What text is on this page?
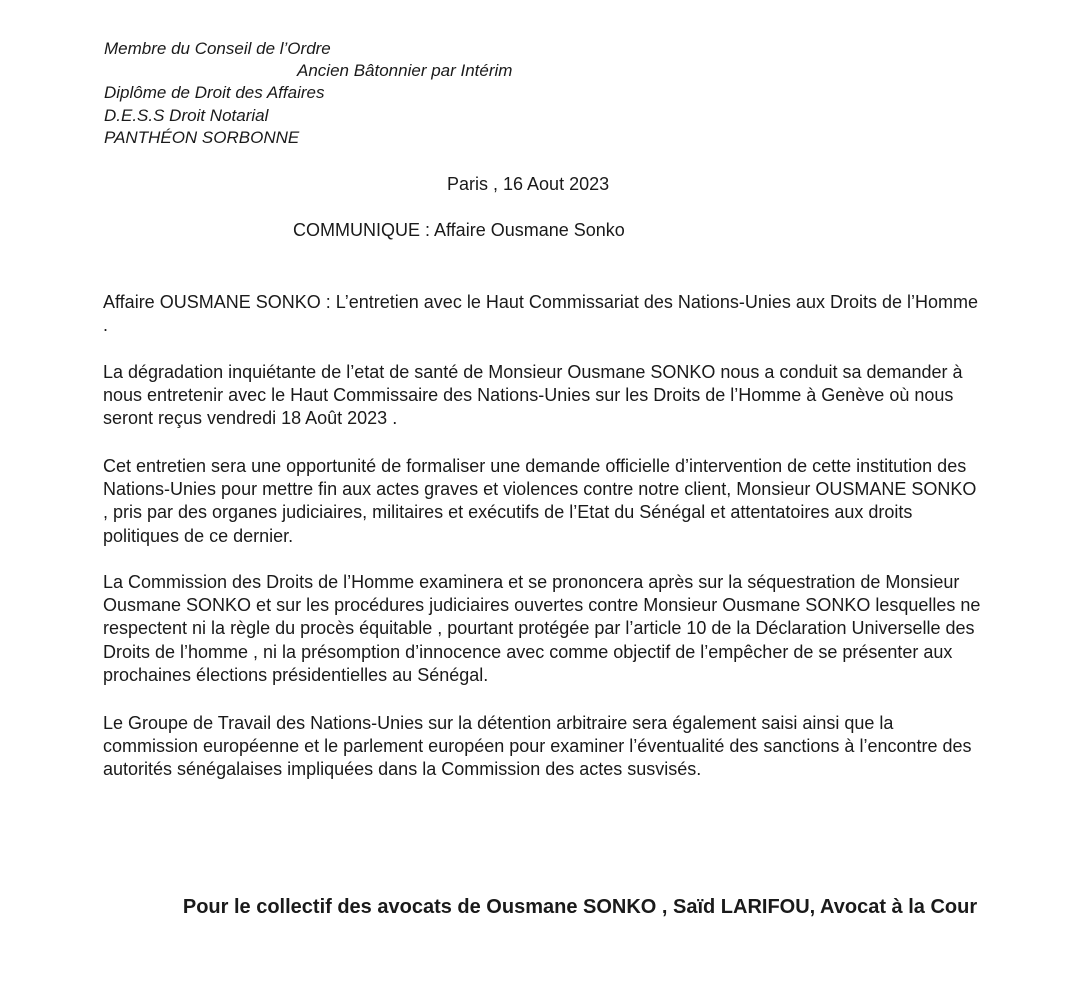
Membre du Conseil de l’Ordre
Ancien Bâtonnier par Intérim
Diplôme de Droit des Affaires
D.E.S.S Droit Notarial
PANTHÉON SORBONNE
Paris , 16 Aout 2023
COMMUNIQUE : Affaire Ousmane Sonko

Affaire OUSMANE SONKO : L’entretien avec le Haut Commissariat des Nations-Unies aux Droits de l’Homme .

La dégradation inquiétante de l’etat de santé de Monsieur Ousmane SONKO nous a conduit sa demander à nous entretenir avec le Haut Commissaire des Nations-Unies sur les Droits de l’Homme à Genève où nous seront reçus vendredi 18 Août 2023 .

Cet entretien sera une opportunité de formaliser une demande officielle d’intervention de cette institution des Nations-Unies pour mettre fin aux actes graves et violences contre notre client, Monsieur OUSMANE SONKO , pris par des organes judiciaires, militaires et exécutifs de l’Etat du Sénégal et attentatoires aux droits politiques de ce dernier.

La Commission des Droits de l’Homme examinera et se prononcera après sur la séquestration de Monsieur Ousmane SONKO et sur les procédures judiciaires ouvertes contre Monsieur Ousmane SONKO lesquelles ne respectent ni la règle du procès équitable , pourtant protégée par l’article 10 de la Déclaration Universelle des Droits de l’homme , ni la présomption d’innocence avec comme objectif de l’empêcher de se présenter aux prochaines élections présidentielles au Sénégal.

Le Groupe de Travail des Nations-Unies sur la détention arbitraire sera également saisi ainsi que la commission européenne et le parlement européen pour examiner l’éventualité des sanctions à l’encontre des autorités sénégalaises impliquées dans la Commission des actes susvisés.

Pour le collectif des avocats de Ousmane SONKO , Saïd LARIFOU, Avocat à la Cour
